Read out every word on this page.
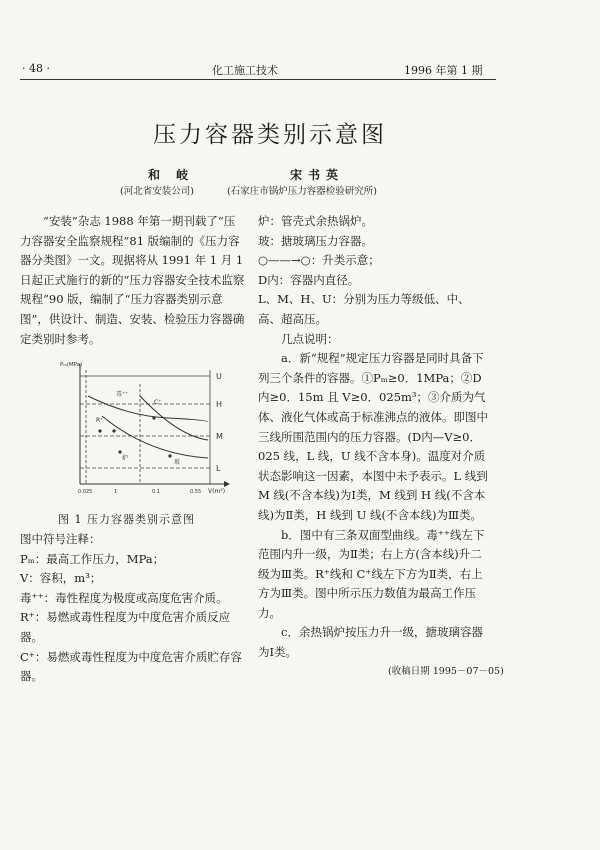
· 48 ·	化工施工技术	1996 年第 1 期
压力容器类别示意图
和 岐
(河北省安装公司)
宋书英
(石家庄市锅炉压力容器检验研究所)

“安装”杂志 1988 年第一期刊载了“压力容器安全监察规程”81 版编制的《压力容器分类图》一文。现据将从 1991 年 1 月 1 日起正式施行的新的“压力容器安全技术监察规程”90 版，编制了“压力容器类别示意图”，供设计、制造、安装、检验压力容器确定类别时参考。

U
H
M
L
毒⁺⁺
R⁺
C⁺
炉
玻
V(m³)
Pₘ(MPa)
0.025	1	0.1	0.55
图 1 压力容器类别示意图

图中符号注释：

Pₘ：最高工作压力，MPa；

V：容积，m³；

毒⁺⁺：毒性程度为极度或高度危害介质。

R⁺：易燃或毒性程度为中度危害介质反应器。

C⁺：易燃或毒性程度为中度危害介质贮存容器。

炉：管壳式余热锅炉。

玻：搪玻璃压力容器。

○——→○：升类示意；

D内：容器内直径。

L、M、H、U：分别为压力等级低、中、高、超高压。

几点说明：

a．新“规程”规定压力容器是同时具备下列三个条件的容器。①Pₘ≥0．1MPa；②D内≥0．15m 且 V≥0．025m³；③介质为气体、液化气体或高于标准沸点的液体。即图中三线所围范围内的压力容器。(D内—V≥0．025 线，L 线，U 线不含本身)。温度对介质状态影响这一因素，本图中未予表示。L 线到 M 线(不含本线)为Ⅰ类，M 线到 H 线(不含本线)为Ⅱ类，H 线到 U 线(不含本线)为Ⅲ类。

b．图中有三条双面型曲线。毒⁺⁺线左下范围内升一级，为Ⅱ类；右上方(含本线)升二级为Ⅲ类。R⁺线和 C⁺线左下方为Ⅱ类，右上方为Ⅲ类。图中所示压力数值为最高工作压力。

c．余热锅炉按压力升一级，搪玻璃容器为Ⅰ类。

(收稿日期 1995－07－05)
